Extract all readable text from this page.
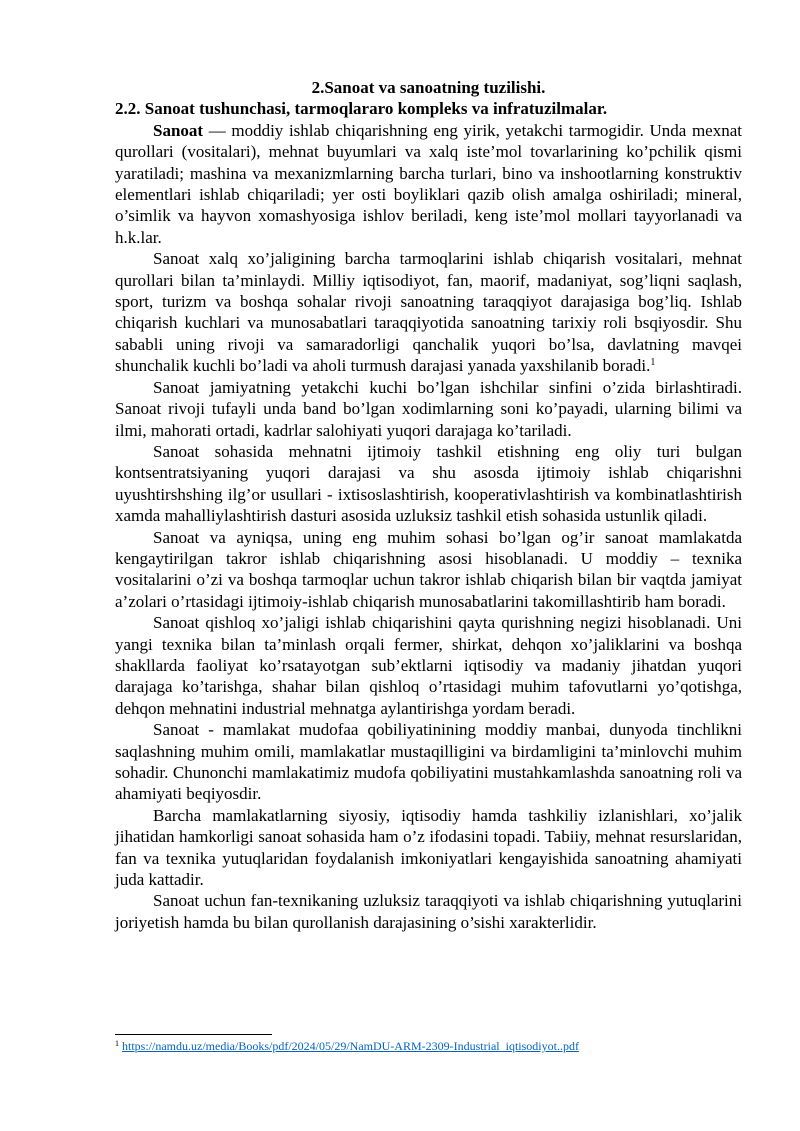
2.Sanoat va sanoatning tuzilishi.

2.2. Sanoat tushunchasi, tarmoqlararo kompleks va infratuzilmalar.

Sanoat — moddiy ishlab chiqarishning eng yirik, yetakchi tarmogidir. Unda mexnat qurollari (vositalari), mehnat buyumlari va xalq iste’mol tovarlarining ko’pchilik qismi yaratiladi; mashina va mexanizmlarning barcha turlari, bino va inshootlarning konstruktiv elementlari ishlab chiqariladi; yer osti boyliklari qazib olish amalga oshiriladi; mineral, o’simlik va hayvon xomashyosiga ishlov beriladi, keng iste’mol mollari tayyorlanadi va h.k.lar.

Sanoat xalq xo’jaligining barcha tarmoqlarini ishlab chiqarish vositalari, mehnat qurollari bilan ta’minlaydi. Milliy iqtisodiyot, fan, maorif, madaniyat, sog’liqni saqlash, sport, turizm va boshqa sohalar rivoji sanoatning taraqqiyot darajasiga bog’liq. Ishlab chiqarish kuchlari va munosabatlari taraqqiyotida sanoatning tarixiy roli bsqiyosdir. Shu sababli uning rivoji va samaradorligi qanchalik yuqori bo’lsa, davlatning mavqei shunchalik kuchli bo’ladi va aholi turmush darajasi yanada yaxshilanib boradi.$^1$

Sanoat jamiyatning yetakchi kuchi bo’lgan ishchilar sinfini o’zida birlashtiradi. Sanoat rivoji tufayli unda band bo’lgan xodimlarning soni ko’payadi, ularning bilimi va ilmi, mahorati ortadi, kadrlar salohiyati yuqori darajaga ko’tariladi.

Sanoat sohasida mehnatni ijtimoiy tashkil etishning eng oliy turi bulgan kontsentratsiyaning yuqori darajasi va shu asosda ijtimoiy ishlab chiqarishni uyushtirshshing ilg’or usullari - ixtisoslashtirish, kooperativlashtirish va kombinatlashtirish xamda mahalliylashtirish dasturi asosida uzluksiz tashkil etish sohasida ustunlik qiladi.

Sanoat va ayniqsa, uning eng muhim sohasi bo’lgan og’ir sanoat mamlakatda kengaytirilgan takror ishlab chiqarishning asosi hisoblanadi. U moddiy – texnika vositalarini o’zi va boshqa tarmoqlar uchun takror ishlab chiqarish bilan bir vaqtda jamiyat a’zolari o’rtasidagi ijtimoiy-ishlab chiqarish munosabatlarini takomillashtirib ham boradi.

Sanoat qishloq xo’jaligi ishlab chiqarishini qayta qurishning negizi hisoblanadi. Uni yangi texnika bilan ta’minlash orqali fermer, shirkat, dehqon xo’jaliklarini va boshqa shakllarda faoliyat ko’rsatayotgan sub’ektlarni iqtisodiy va madaniy jihatdan yuqori darajaga ko’tarishga, shahar bilan qishloq o’rtasidagi muhim tafovutlarni yo’qotishga, dehqon mehnatini industrial mehnatga aylantirishga yordam beradi.

Sanoat - mamlakat mudofaa qobiliyatinining moddiy manbai, dunyoda tinchlikni saqlashning muhim omili, mamlakatlar mustaqilligini va birdamligini ta’minlovchi muhim sohadir. Chunonchi mamlakatimiz mudofa qobiliyatini mustahkamlashda sanoatning roli va ahamiyati beqiyosdir.

Barcha mamlakatlarning siyosiy, iqtisodiy hamda tashkiliy izlanishlari, xo’jalik jihatidan hamkorligi sanoat sohasida ham o’z ifodasini topadi. Tabiiy, mehnat resurslaridan, fan va texnika yutuqlaridan foydalanish imkoniyatlari kengayishida sanoatning ahamiyati juda kattadir.

Sanoat uchun fan-texnikaning uzluksiz taraqqiyoti va ishlab chiqarishning yutuqlarini joriyetish hamda bu bilan qurollanish darajasining o’sishi xarakterlidir.

$^1$ https://namdu.uz/media/Books/pdf/2024/05/29/NamDU-ARM-2309-Industrial_iqtisodiyot..pdf
